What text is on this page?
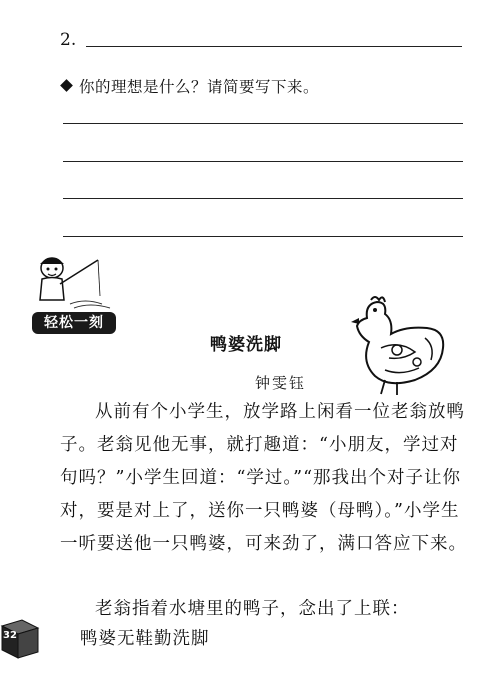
2.
你的理想是什么？请简要写下来。
轻松一刻
鸭婆洗脚
钟雯钰
从前有个小学生，放学路上闲看一位老翁放鸭子。老翁见他无事，就打趣道：“小朋友，学过对句吗？”小学生回道：“学过。”“那我出个对子让你对，要是对上了，送你一只鸭婆（母鸭）。”小学生一听要送他一只鸭婆，可来劲了，满口答应下来。
老翁指着水塘里的鸭子，念出了上联：
鸭婆无鞋勤洗脚
32
